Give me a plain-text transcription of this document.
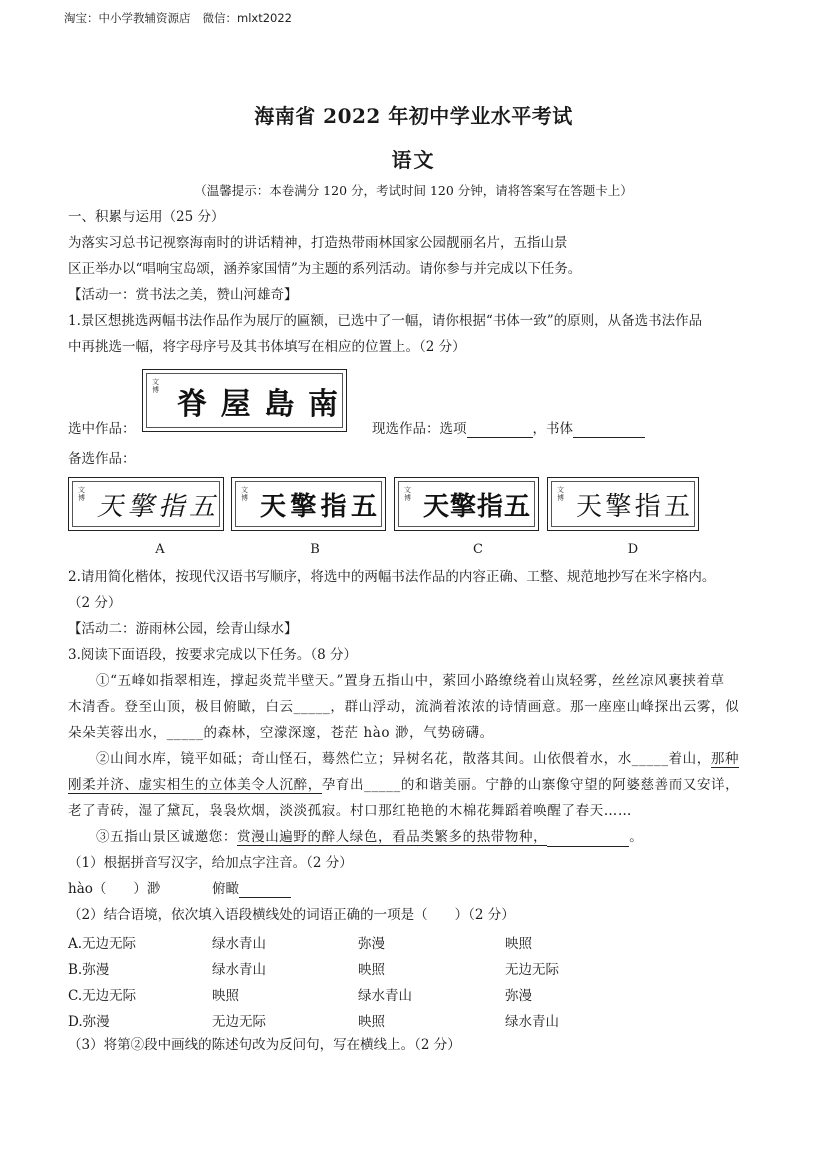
淘宝：中小学教辅资源店 微信：mlxt2022
海南省 2022 年初中学业水平考试
语文
（温馨提示：本卷满分 120 分，考试时间 120 分钟，请将答案写在答题卡上）
一、积累与运用（25 分）
为落实习总书记视察海南时的讲话精神，打造热带雨林国家公园靓丽名片，五指山景
区正举办以“唱响宝岛颂，涵养家国情”为主题的系列活动。请你参与并完成以下任务。
【活动一：赏书法之美，赞山河雄奇】
1.景区想挑选两幅书法作品作为展厅的匾额，已选中了一幅，请你根据“书体一致”的原则，从备选书法作品
中再挑选一幅，将字母序号及其书体填写在相应的位置上。（2 分）
选中作品：
文博 脊 屋 島 南
现选作品：选项	，书体
备选作品：
文博 天 擎 指 五
文博 天 擎 指 五
文博 天 擎 指 五
文博 天 擎 指 五
A	B	C	D
2.请用简化楷体，按现代汉语书写顺序，将选中的两幅书法作品的内容正确、工整、规范地抄写在米字格内。
（2 分）
【活动二：游雨林公园，绘青山绿水】
3.阅读下面语段，按要求完成以下任务。（8 分）
①“五峰如指翠相连，撑起炎荒半壁天。”置身五指山中，萦回小路缭绕着山岚轻雾，丝丝凉风裹挟着草
木清香。登至山顶，极目俯瞰，白云_____，群山浮动，流淌着浓浓的诗情画意。那一座座山峰探出云雾，似
朵朵芙蓉出水，_____的森林，空濛深邃，苍茫 hào 渺，气势磅礴。
②山间水库，镜平如砥；奇山怪石，蓦然伫立；异树名花，散落其间。山依偎着水，水_____着山，那种
刚柔并济、虚实相生的立体美令人沉醉，孕育出_____的和谐美丽。宁静的山寨像守望的阿婆慈善而又安详，
老了青砖，湿了黛瓦，袅袅炊烟，淡淡孤寂。村口那红艳艳的木棉花舞蹈着唤醒了春天……
③五指山景区诚邀您：赏漫山遍野的醉人绿色，看品类繁多的热带物种，	。
（1）根据拼音写汉字，给加点字注音。（2 分）
hào（　　）渺	俯瞰
（2）结合语境，依次填入语段横线处的词语正确的一项是（　　）（2 分）
A.无边无际	绿水青山	弥漫	映照
B.弥漫	绿水青山	映照	无边无际
C.无边无际	映照	绿水青山	弥漫
D.弥漫	无边无际	映照	绿水青山
（3）将第②段中画线的陈述句改为反问句，写在横线上。（2 分）
